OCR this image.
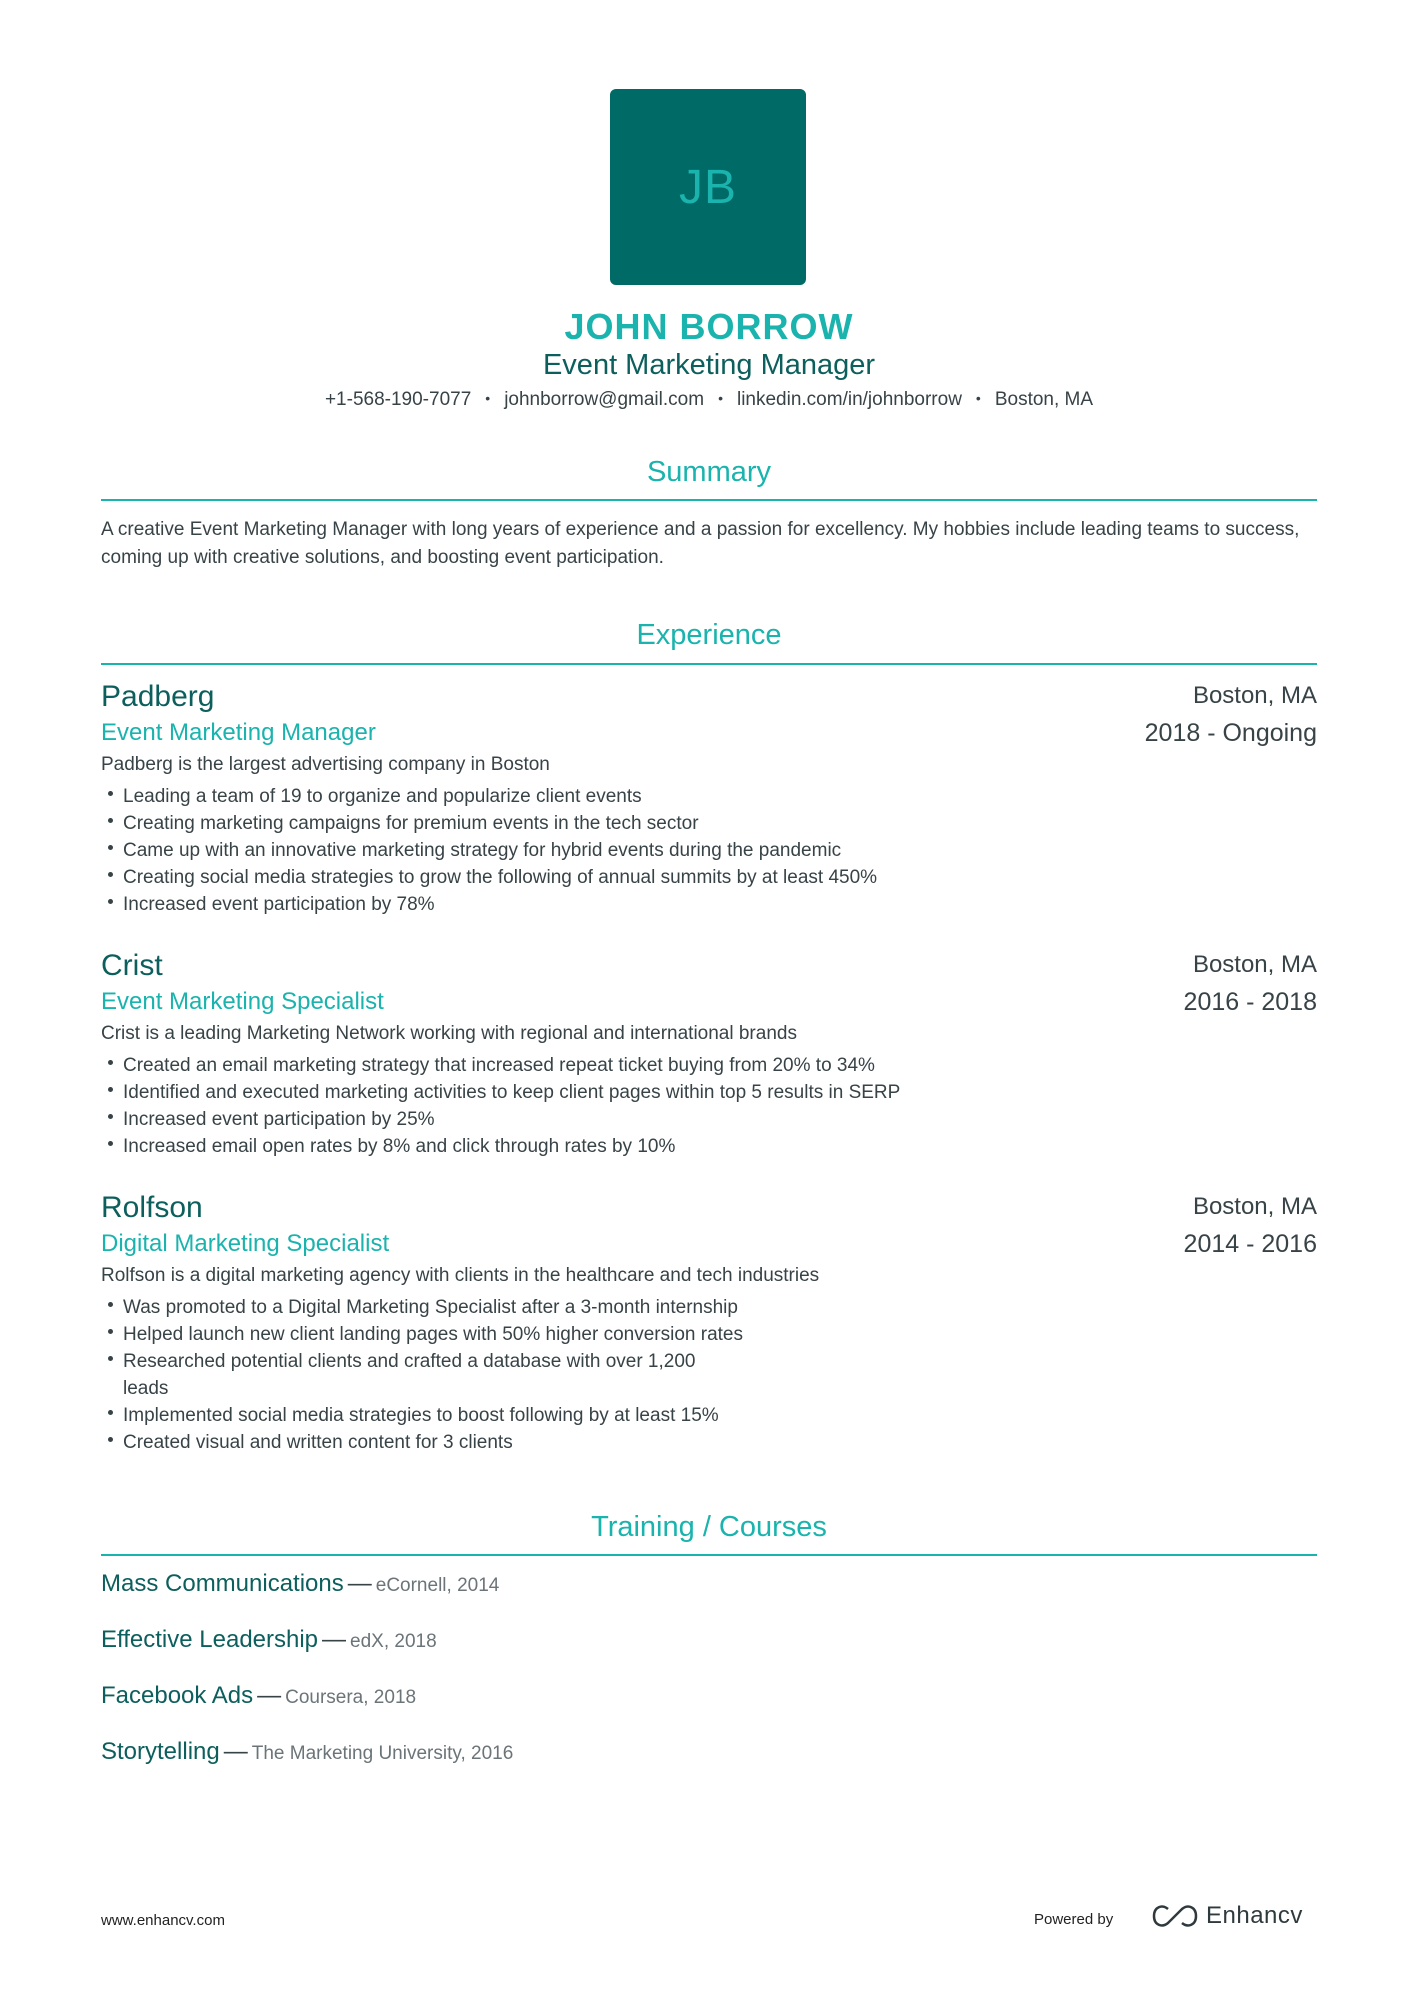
JB
JOHN BORROW
Event Marketing Manager
+1-568-190-7077 • johnborrow@gmail.com • linkedin.com/in/johnborrow • Boston, MA
Summary
A creative Event Marketing Manager with long years of experience and a passion for excellency. My hobbies include leading teams to success, coming up with creative solutions, and boosting event participation.
Experience
Padberg	Boston, MA
Event Marketing Manager	2018 - Ongoing
Padberg is the largest advertising company in Boston
Leading a team of 19 to organize and popularize client events
Creating marketing campaigns for premium events in the tech sector
Came up with an innovative marketing strategy for hybrid events during the pandemic
Creating social media strategies to grow the following of annual summits by at least 450%
Increased event participation by 78%
Crist	Boston, MA
Event Marketing Specialist	2016 - 2018
Crist is a leading Marketing Network working with regional and international brands
Created an email marketing strategy that increased repeat ticket buying from 20% to 34%
Identified and executed marketing activities to keep client pages within top 5 results in SERP
Increased event participation by 25%
Increased email open rates by 8% and click through rates by 10%
Rolfson	Boston, MA
Digital Marketing Specialist	2014 - 2016
Rolfson is a digital marketing agency with clients in the healthcare and tech industries
Was promoted to a Digital Marketing Specialist after a 3-month internship
Helped launch new client landing pages with 50% higher conversion rates
Researched potential clients and crafted a database with over 1,200
leads
Implemented social media strategies to boost following by at least 15%
Created visual and written content for 3 clients
Training / Courses
Mass Communications — eCornell, 2014
Effective Leadership — edX, 2018
Facebook Ads — Coursera, 2018
Storytelling — The Marketing University, 2016
www.enhancv.com	Powered by	Enhancv
